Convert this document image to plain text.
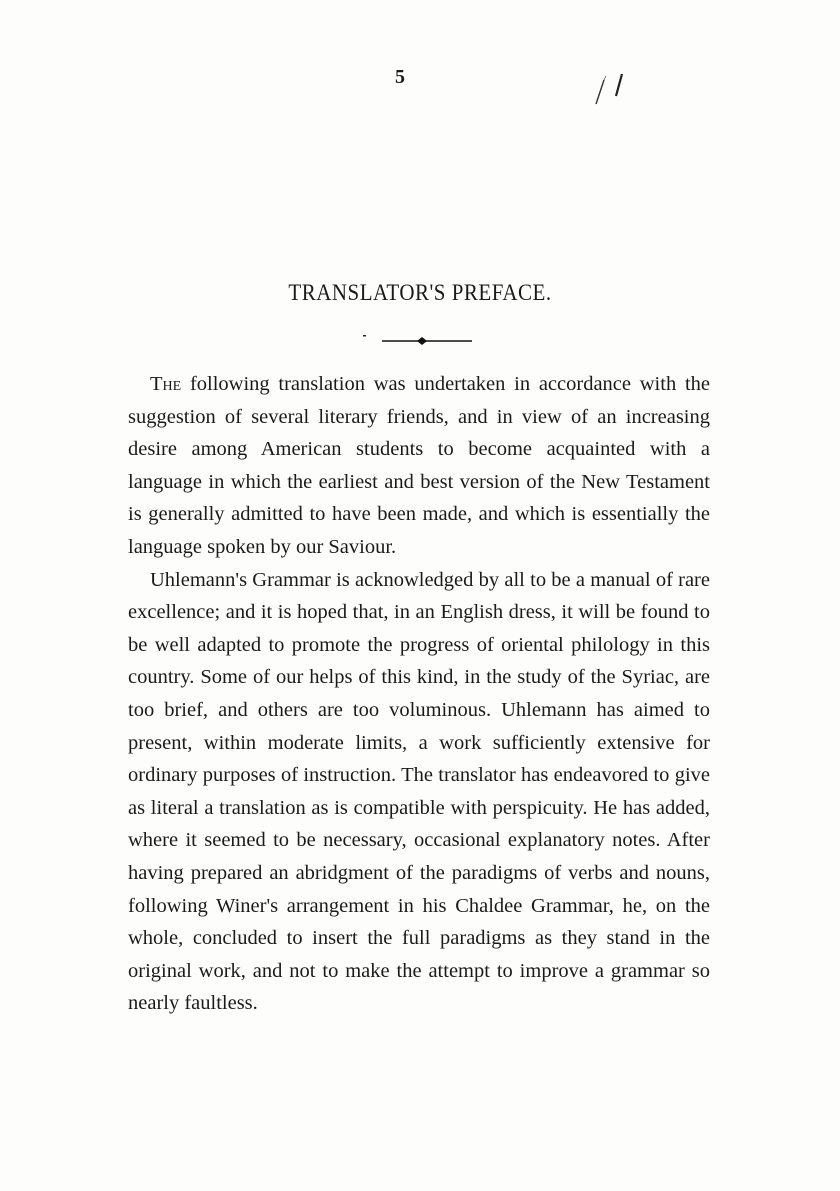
5
TRANSLATOR'S PREFACE.

The following translation was undertaken in accordance with the suggestion of several literary friends, and in view of an increasing desire among American students to become acquainted with a language in which the earliest and best version of the New Testament is generally admitted to have been made, and which is essentially the language spoken by our Saviour.

Uhlemann's Grammar is acknowledged by all to be a manual of rare excellence; and it is hoped that, in an English dress, it will be found to be well adapted to promote the progress of oriental philology in this country. Some of our helps of this kind, in the study of the Syriac, are too brief, and others are too voluminous. Uhlemann has aimed to present, within moderate limits, a work sufficiently extensive for ordinary purposes of instruction. The translator has endeavored to give as literal a translation as is compatible with perspicuity. He has added, where it seemed to be necessary, occasional explanatory notes. After having prepared an abridgment of the paradigms of verbs and nouns, following Winer's arrangement in his Chaldee Grammar, he, on the whole, concluded to insert the full paradigms as they stand in the original work, and not to make the attempt to improve a grammar so nearly faultless.
